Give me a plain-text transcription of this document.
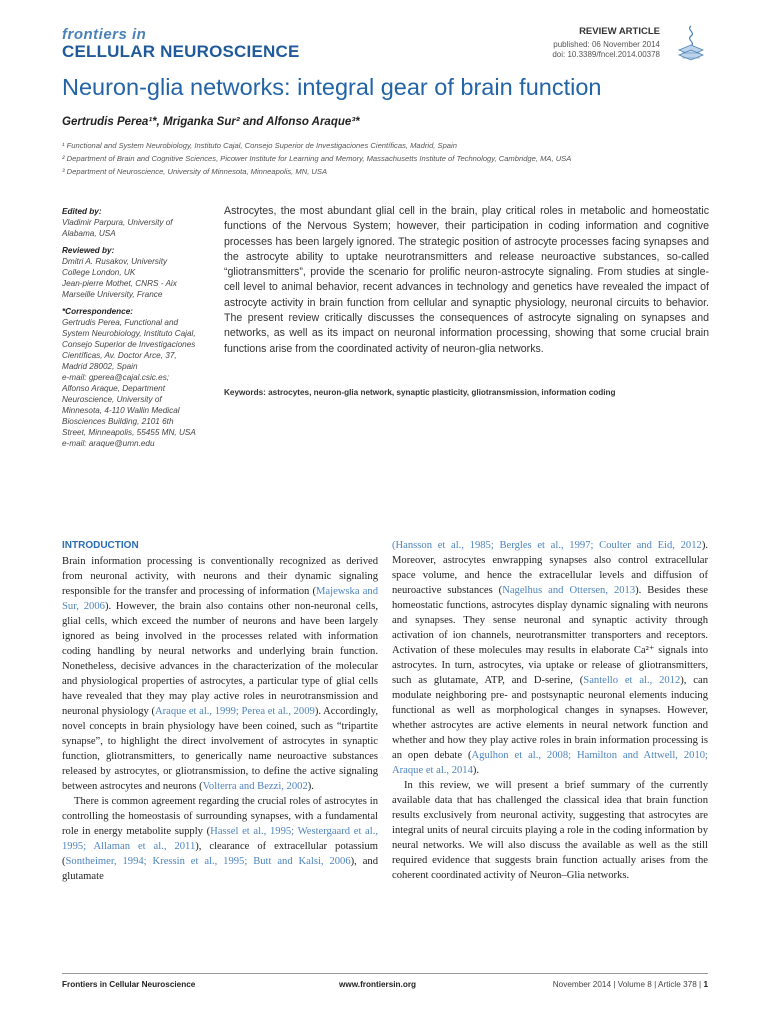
frontiers in
CELLULAR NEUROSCIENCE
REVIEW ARTICLE
published: 06 November 2014
doi: 10.3389/fncel.2014.00378
Neuron-glia networks: integral gear of brain function
Gertrudis Perea¹*, Mriganka Sur² and Alfonso Araque³*
¹ Functional and System Neurobiology, Instituto Cajal, Consejo Superior de Investigaciones Científicas, Madrid, Spain
² Department of Brain and Cognitive Sciences, Picower Institute for Learning and Memory, Massachusetts Institute of Technology, Cambridge, MA, USA
³ Department of Neuroscience, University of Minnesota, Minneapolis, MN, USA
Edited by:
Vladimir Parpura, University of Alabama, USA
Reviewed by:
Dmitri A. Rusakov, University College London, UK
Jean-pierre Mothet, CNRS - Aix Marseille University, France
*Correspondence:
Gertrudis Perea, Functional and System Neurobiology, Instituto Cajal, Consejo Superior de Investigaciones Científicas, Av. Doctor Arce, 37, Madrid 28002, Spain
e-mail: gperea@cajal.csic.es;
Alfonso Araque, Department Neuroscience, University of Minnesota, 4-110 Wallin Medical Biosciences Building, 2101 6th Street, Minneapolis, 55455 MN, USA
e-mail: araque@umn.edu
Astrocytes, the most abundant glial cell in the brain, play critical roles in metabolic and homeostatic functions of the Nervous System; however, their participation in coding information and cognitive processes has been largely ignored. The strategic position of astrocyte processes facing synapses and the astrocyte ability to uptake neurotransmitters and release neuroactive substances, so-called “gliotransmitters”, provide the scenario for prolific neuron-astrocyte signaling. From studies at single-cell level to animal behavior, recent advances in technology and genetics have revealed the impact of astrocyte activity in brain function from cellular and synaptic physiology, neuronal circuits to behavior. The present review critically discusses the consequences of astrocyte signaling on synapses and networks, as well as its impact on neuronal information processing, showing that some crucial brain functions arise from the coordinated activity of neuron-glia networks.
Keywords: astrocytes, neuron-glia network, synaptic plasticity, gliotransmission, information coding
INTRODUCTION

Brain information processing is conventionally recognized as derived from neuronal activity, with neurons and their dynamic signaling responsible for the transfer and processing of information (Majewska and Sur, 2006). However, the brain also contains other non-neuronal cells, glial cells, which exceed the number of neurons and have been largely ignored as being involved in the processes related with information coding handling by neural networks and underlying brain function. Nonetheless, decisive advances in the characterization of the molecular and physiological properties of astrocytes, a particular type of glial cells have revealed that they may play active roles in neurotransmission and neuronal physiology (Araque et al., 1999; Perea et al., 2009). Accordingly, novel concepts in brain physiology have been coined, such as “tripartite synapse”, to highlight the direct involvement of astrocytes in synaptic function, gliotransmitters, to generically name neuroactive substances released by astrocytes, or gliotransmission, to define the active signaling between astrocytes and neurons (Volterra and Bezzi, 2002).

There is common agreement regarding the crucial roles of astrocytes in controlling the homeostasis of surrounding synapses, with a fundamental role in energy metabolite supply (Hassel et al., 1995; Westergaard et al., 1995; Allaman et al., 2011), clearance of extracellular potassium (Sontheimer, 1994; Kressin et al., 1995; Butt and Kalsi, 2006), and glutamate

(Hansson et al., 1985; Bergles et al., 1997; Coulter and Eid, 2012). Moreover, astrocytes enwrapping synapses also control extracellular space volume, and hence the extracellular levels and diffusion of neuroactive substances (Nagelhus and Ottersen, 2013). Besides these homeostatic functions, astrocytes display dynamic signaling with neurons and synapses. They sense neuronal and synaptic activity through activation of ion channels, neurotransmitter transporters and receptors. Activation of these molecules may results in elaborate Ca²⁺ signals into astrocytes. In turn, astrocytes, via uptake or release of gliotransmitters, such as glutamate, ATP, and D-serine, (Santello et al., 2012), can modulate neighboring pre- and postsynaptic neuronal elements inducing functional as well as morphological changes in synapses. However, whether astrocytes are active elements in neural network function and whether and how they play active roles in brain information processing is an open debate (Agulhon et al., 2008; Hamilton and Attwell, 2010; Araque et al., 2014).

In this review, we will present a brief summary of the currently available data that has challenged the classical idea that brain function results exclusively from neuronal activity, suggesting that astrocytes are integral units of neural circuits playing a role in the coding information by neural networks. We will also discuss the available as well as the still required evidence that suggests brain function actually arises from the coherent coordinated activity of Neuron–Glia networks.

Frontiers in Cellular Neuroscience	www.frontiersin.org	November 2014 | Volume 8 | Article 378 | 1
